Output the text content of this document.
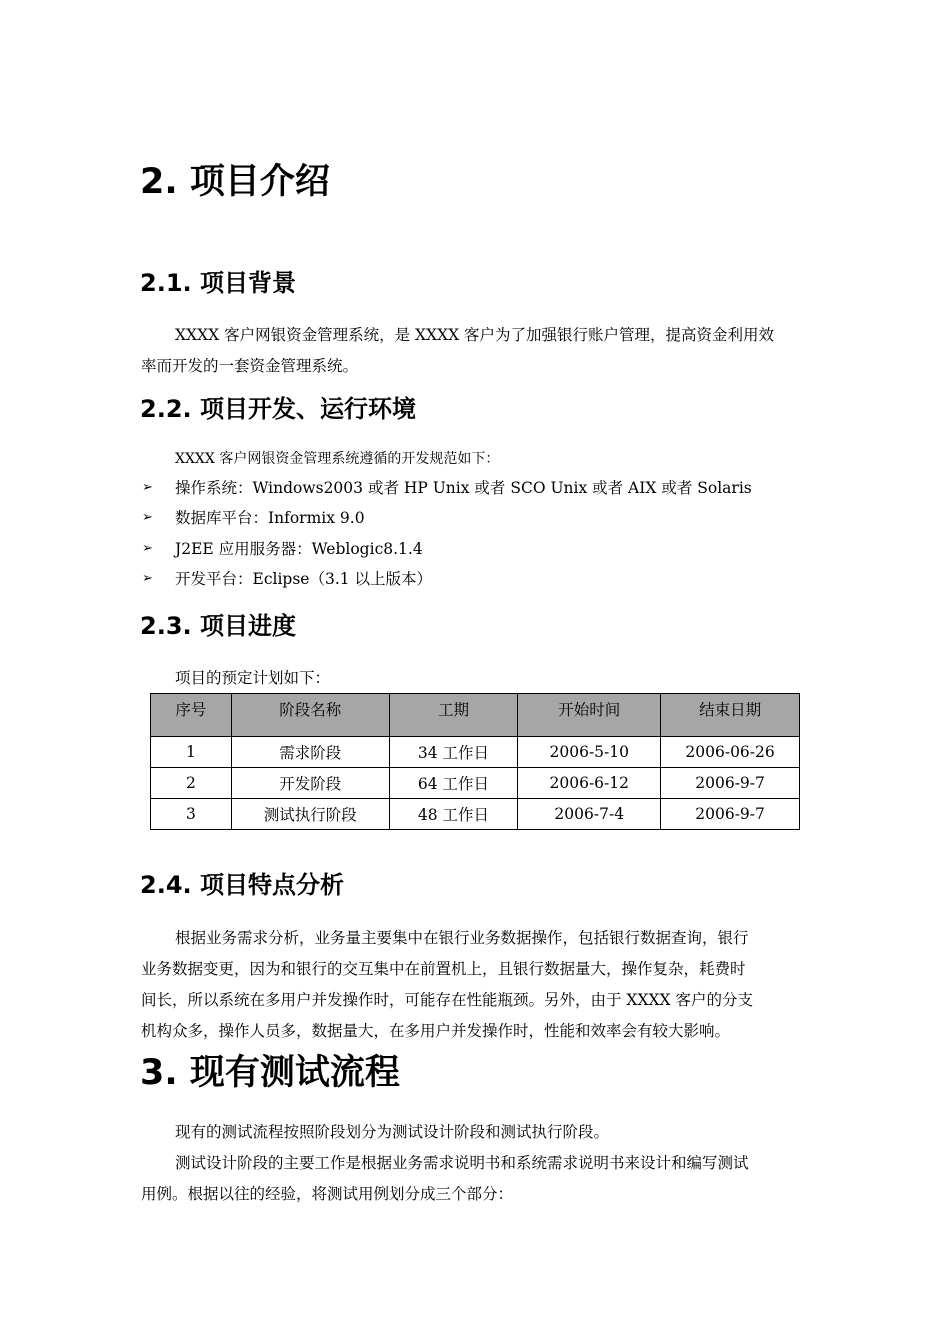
2. 项目介绍
2.1. 项目背景
XXXX 客户网银资金管理系统，是 XXXX 客户为了加强银行账户管理，提高资金利用效
率而开发的一套资金管理系统。
2.2. 项目开发、运行环境
XXXX 客户网银资金管理系统遵循的开发规范如下：
➢ 操作系统：Windows2003 或者 HP Unix 或者 SCO Unix 或者 AIX 或者 Solaris
➢ 数据库平台：Informix 9.0
➢ J2EE 应用服务器：Weblogic8.1.4
➢ 开发平台：Eclipse（3.1 以上版本）
2.3. 项目进度
项目的预定计划如下：
序号	阶段名称	工期	开始时间	结束日期
1	需求阶段	34 工作日	2006-5-10	2006-06-26
2	开发阶段	64 工作日	2006-6-12	2006-9-7
3	测试执行阶段	48 工作日	2006-7-4	2006-9-7
2.4. 项目特点分析
根据业务需求分析，业务量主要集中在银行业务数据操作，包括银行数据查询，银行
业务数据变更，因为和银行的交互集中在前置机上，且银行数据量大，操作复杂，耗费时
间长，所以系统在多用户并发操作时，可能存在性能瓶颈。另外，由于 XXXX 客户的分支
机构众多，操作人员多，数据量大，在多用户并发操作时，性能和效率会有较大影响。
3. 现有测试流程
现有的测试流程按照阶段划分为测试设计阶段和测试执行阶段。
测试设计阶段的主要工作是根据业务需求说明书和系统需求说明书来设计和编写测试
用例。根据以往的经验，将测试用例划分成三个部分：
